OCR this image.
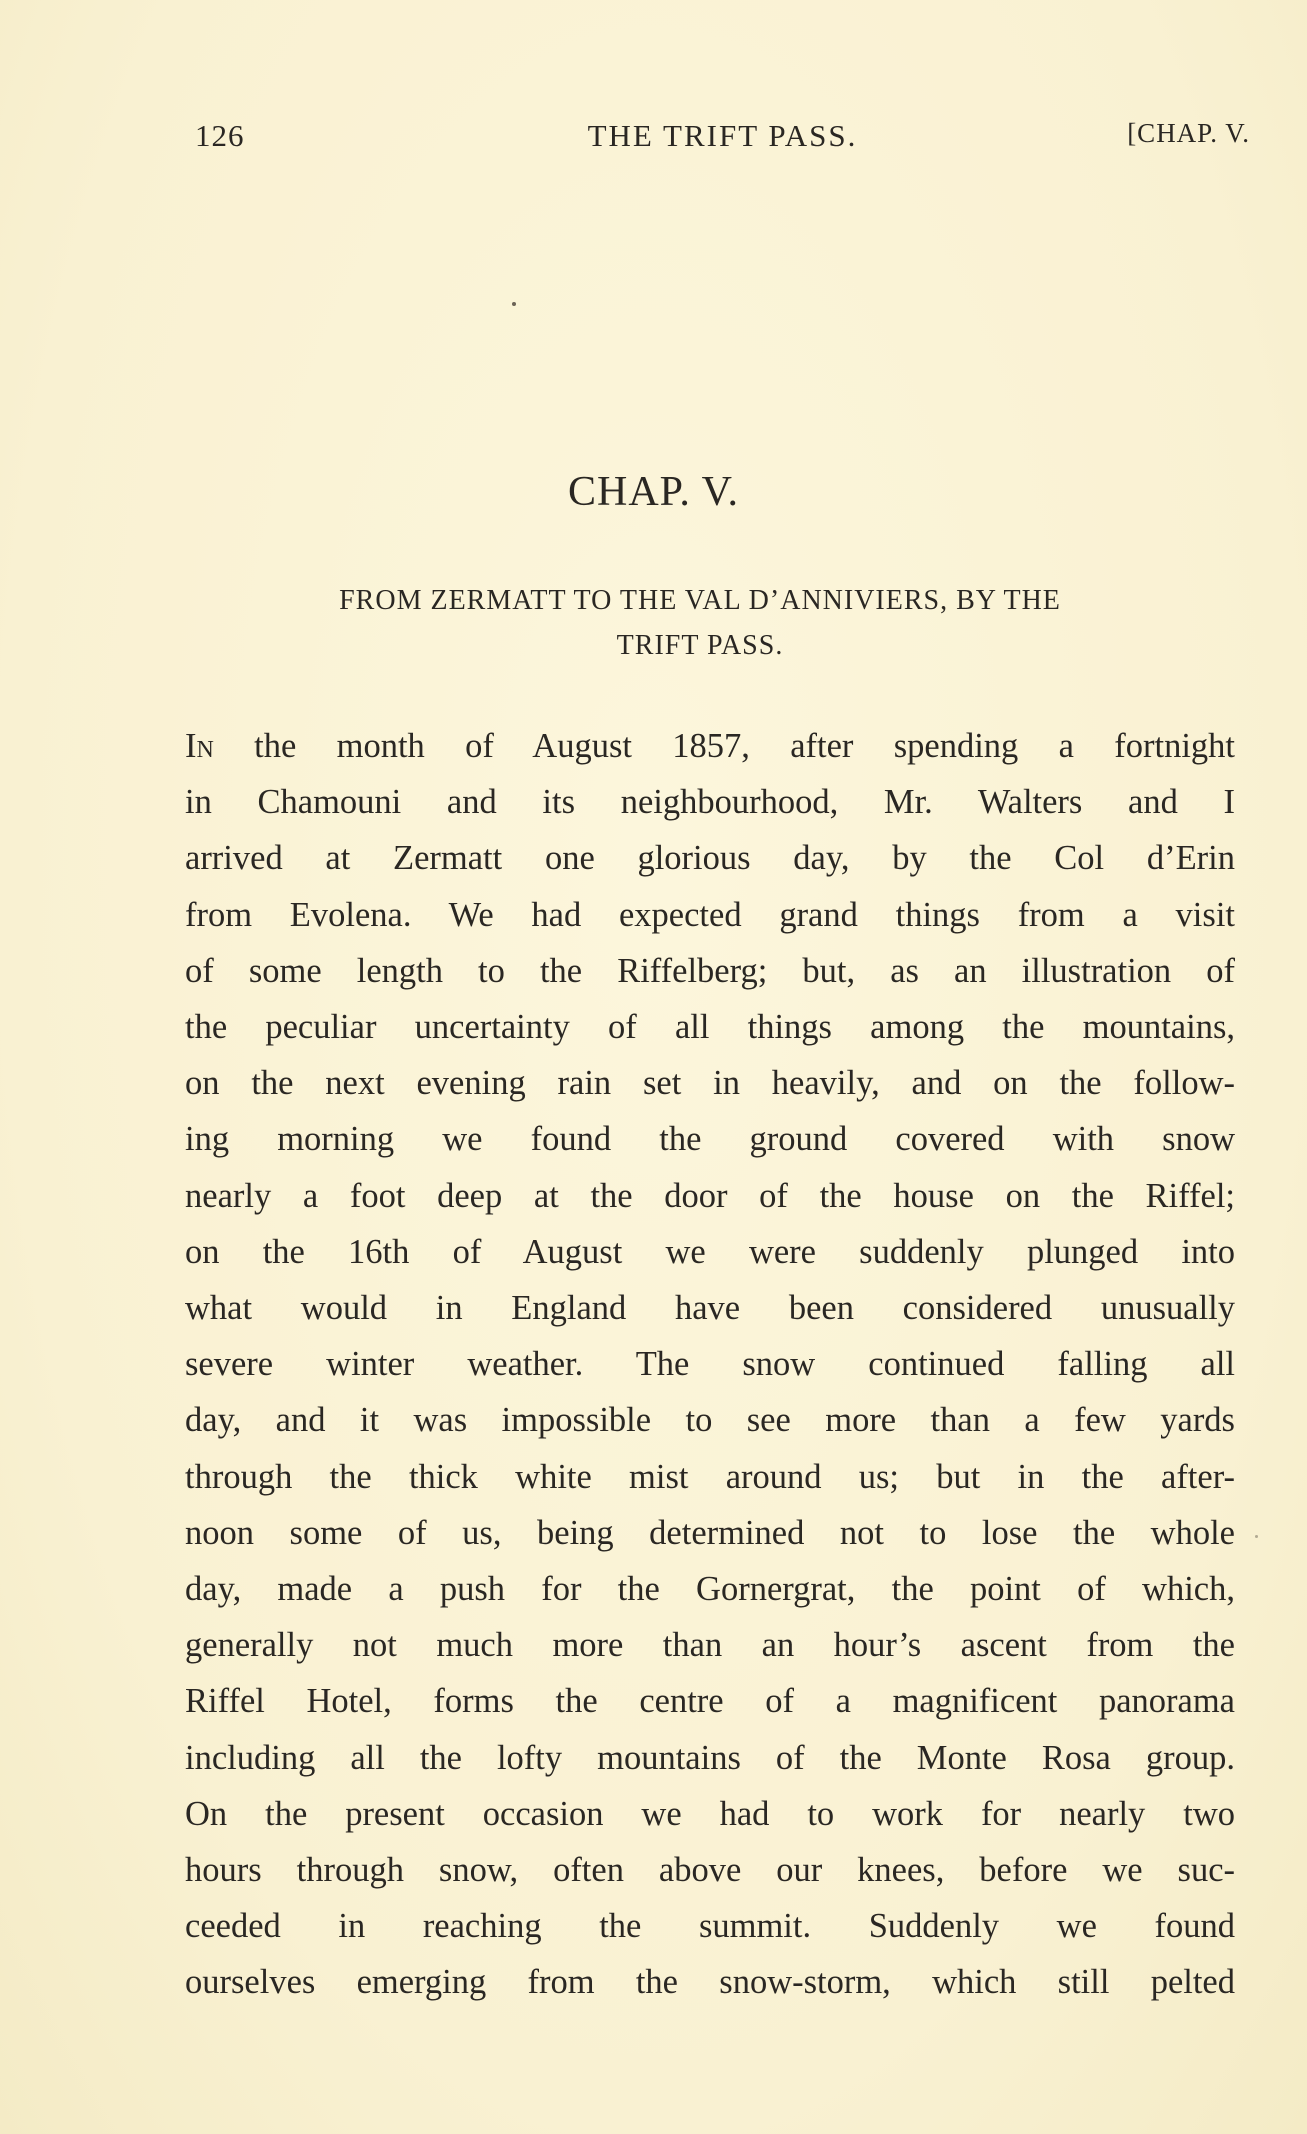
126	THE TRIFT PASS.	[CHAP. V.
CHAP. V.
FROM ZERMATT TO THE VAL D’ANNIVIERS, BY THE
TRIFT PASS.
In the month of August 1857, after spending a fortnight
in Chamouni and its neighbourhood, Mr. Walters and I
arrived at Zermatt one glorious day, by the Col d’Erin
from Evolena. We had expected grand things from a visit
of some length to the Riffelberg; but, as an illustration of
the peculiar uncertainty of all things among the mountains,
on the next evening rain set in heavily, and on the follow-
ing morning we found the ground covered with snow
nearly a foot deep at the door of the house on the Riffel;
on the 16th of August we were suddenly plunged into
what would in England have been considered unusually
severe winter weather. The snow continued falling all
day, and it was impossible to see more than a few yards
through the thick white mist around us; but in the after-
noon some of us, being determined not to lose the whole
day, made a push for the Gornergrat, the point of which,
generally not much more than an hour’s ascent from the
Riffel Hotel, forms the centre of a magnificent panorama
including all the lofty mountains of the Monte Rosa group.
On the present occasion we had to work for nearly two
hours through snow, often above our knees, before we suc-
ceeded in reaching the summit. Suddenly we found
ourselves emerging from the snow-storm, which still pelted
